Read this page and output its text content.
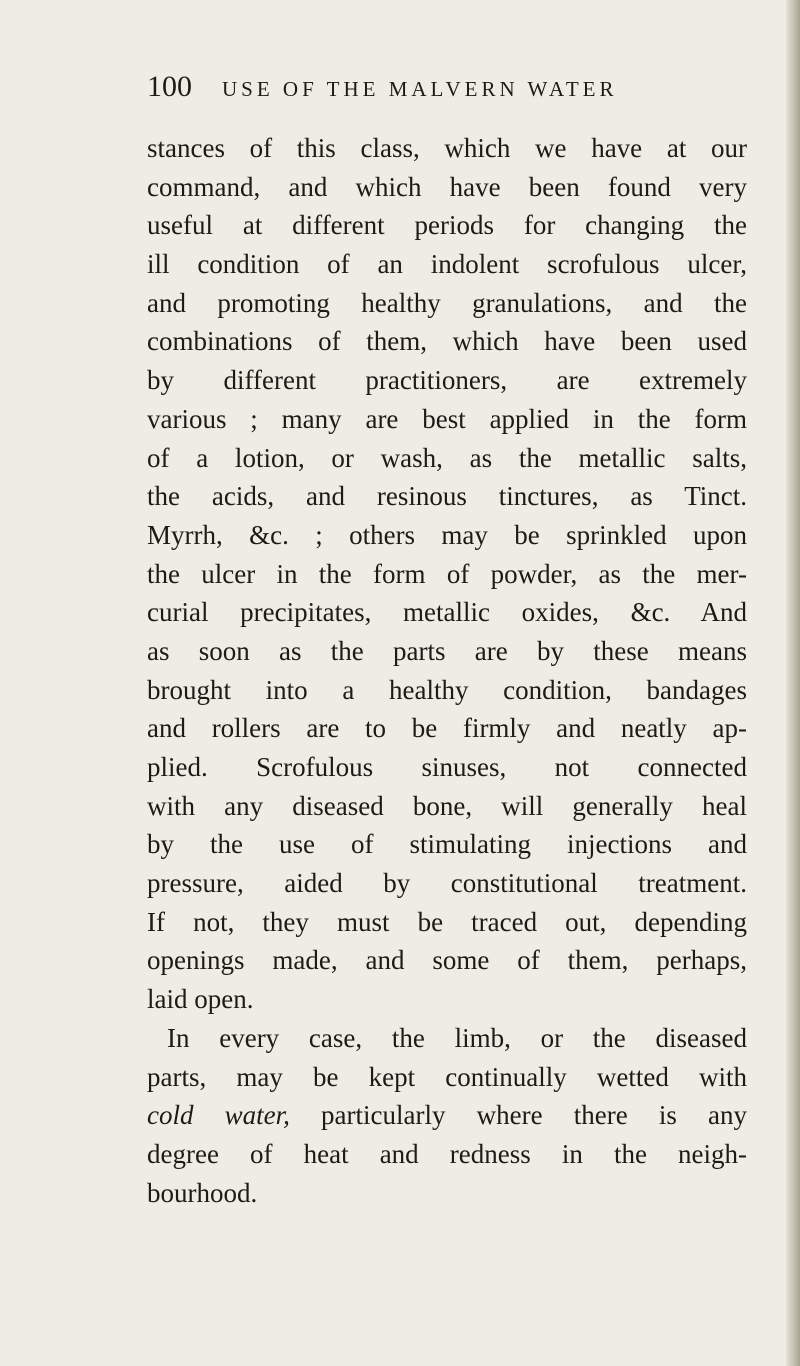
100 USE OF THE MALVERN WATER
stances of this class, which we have at our
command, and which have been found very
useful at different periods for changing the
ill condition of an indolent scrofulous ulcer,
and promoting healthy granulations, and the
combinations of them, which have been used
by different practitioners, are extremely
various ; many are best applied in the form
of a lotion, or wash, as the metallic salts,
the acids, and resinous tinctures, as Tinct.
Myrrh, &c. ; others may be sprinkled upon
the ulcer in the form of powder, as the mer-
curial precipitates, metallic oxides, &c. And
as soon as the parts are by these means
brought into a healthy condition, bandages
and rollers are to be firmly and neatly ap-
plied. Scrofulous sinuses, not connected
with any diseased bone, will generally heal
by the use of stimulating injections and
pressure, aided by constitutional treatment.
If not, they must be traced out, depending
openings made, and some of them, perhaps,
laid open.
In every case, the limb, or the diseased
parts, may be kept continually wetted with
cold water, particularly where there is any
degree of heat and redness in the neigh-
bourhood.
